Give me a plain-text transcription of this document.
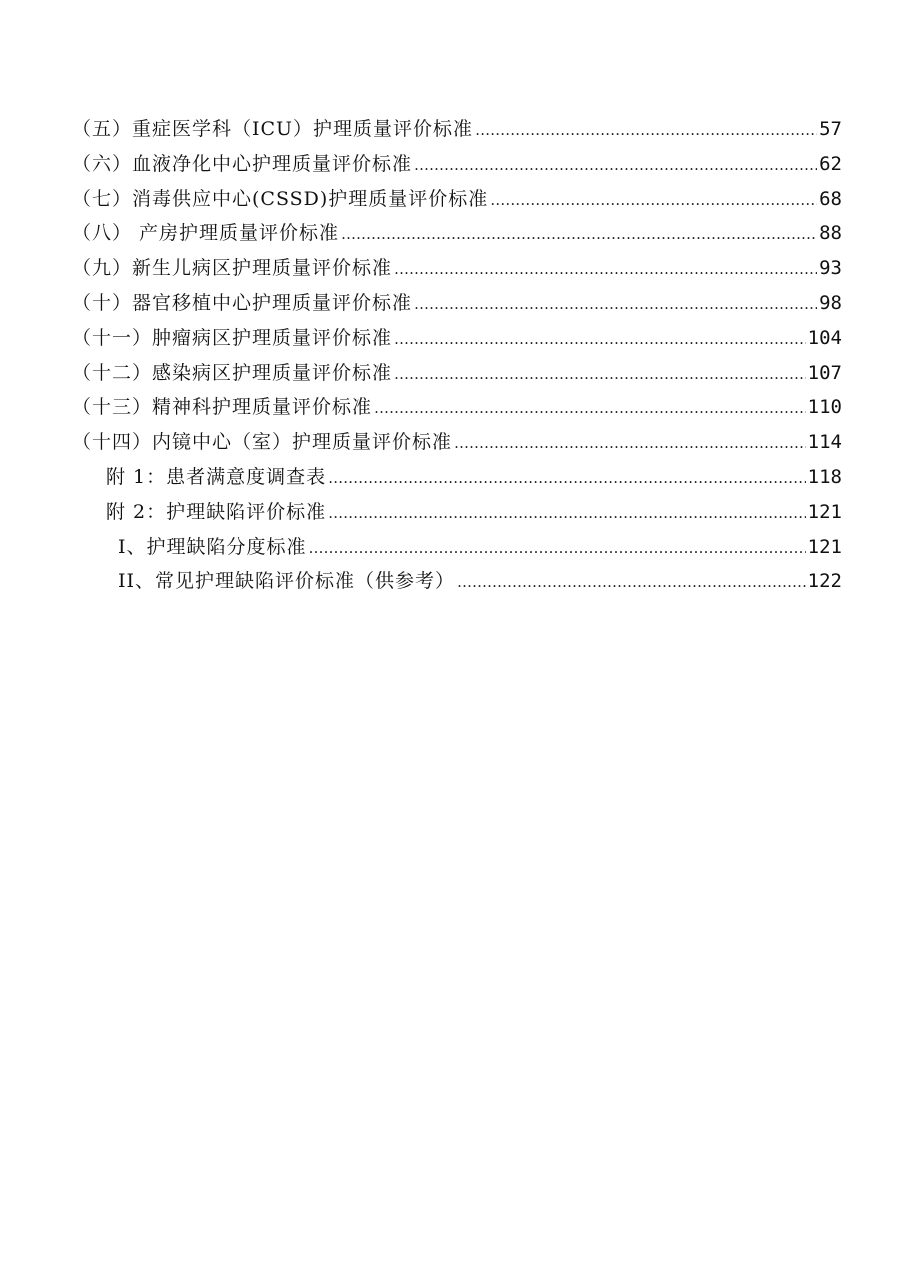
（五）重症医学科（ICU）护理质量评价标准 ……………………………………………………………………………………………………………………………………………………………………………………	57
（六）血液净化中心护理质量评价标准 ……………………………………………………………………………………………………………………………………………………………………………………	62
（七）消毒供应中心(CSSD)护理质量评价标准 ……………………………………………………………………………………………………………………………………………………………………………………	68
（八） 产房护理质量评价标准 ……………………………………………………………………………………………………………………………………………………………………………………	88
（九）新生儿病区护理质量评价标准 ……………………………………………………………………………………………………………………………………………………………………………………	93
（十）器官移植中心护理质量评价标准 ……………………………………………………………………………………………………………………………………………………………………………………	98
（十一）肿瘤病区护理质量评价标准 ……………………………………………………………………………………………………………………………………………………………………………………	104
（十二）感染病区护理质量评价标准 ……………………………………………………………………………………………………………………………………………………………………………………	107
（十三）精神科护理质量评价标准 ……………………………………………………………………………………………………………………………………………………………………………………	110
（十四）内镜中心（室）护理质量评价标准 ……………………………………………………………………………………………………………………………………………………………………………………	114
附 1：患者满意度调查表 ……………………………………………………………………………………………………………………………………………………………………………………	118
附 2：护理缺陷评价标准 ……………………………………………………………………………………………………………………………………………………………………………………	121
I、护理缺陷分度标准 ……………………………………………………………………………………………………………………………………………………………………………………	121
II、常见护理缺陷评价标准（供参考） ……………………………………………………………………………………………………………………………………………………………………………………	122
